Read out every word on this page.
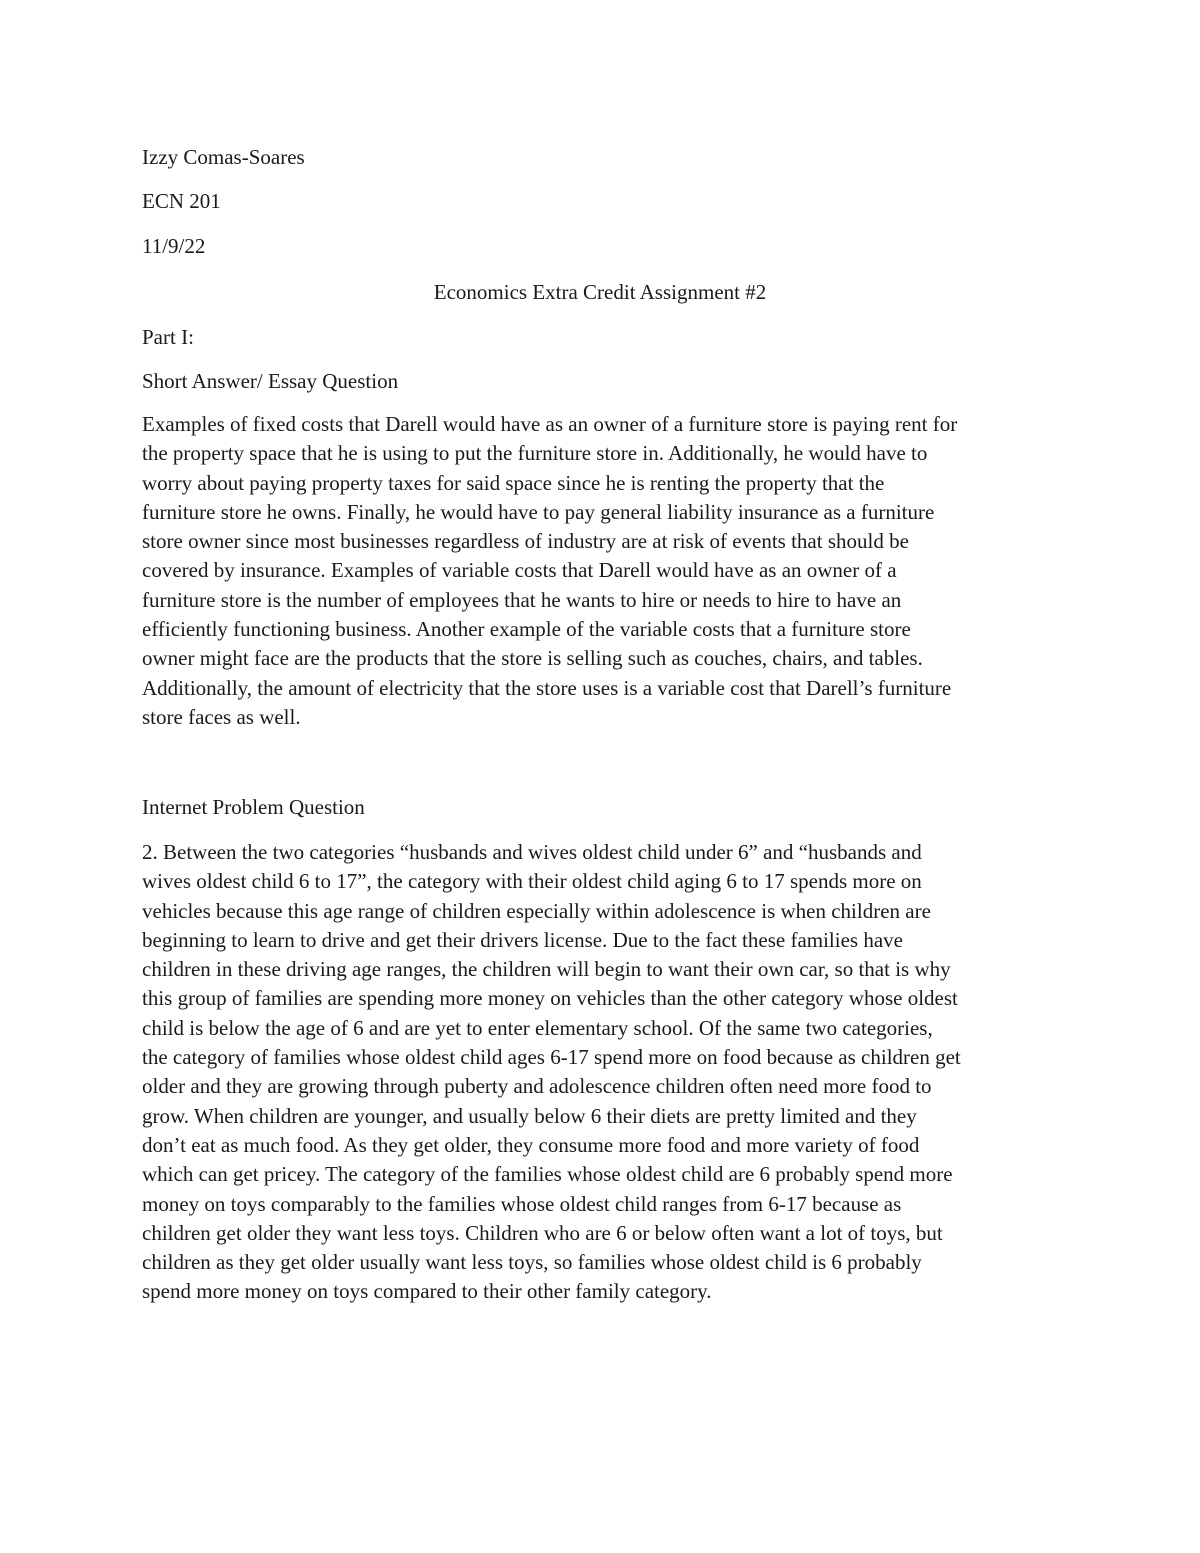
Izzy Comas-Soares
ECN 201
11/9/22
Economics Extra Credit Assignment #2
Part I:
Short Answer/ Essay Question
Examples of fixed costs that Darell would have as an owner of a furniture store is paying rent for
the property space that he is using to put the furniture store in. Additionally, he would have to
worry about paying property taxes for said space since he is renting the property that the
furniture store he owns. Finally, he would have to pay general liability insurance as a furniture
store owner since most businesses regardless of industry are at risk of events that should be
covered by insurance. Examples of variable costs that Darell would have as an owner of a
furniture store is the number of employees that he wants to hire or needs to hire to have an
efficiently functioning business. Another example of the variable costs that a furniture store
owner might face are the products that the store is selling such as couches, chairs, and tables.
Additionally, the amount of electricity that the store uses is a variable cost that Darell’s furniture
store faces as well.
Internet Problem Question
2. Between the two categories “husbands and wives oldest child under 6” and “husbands and
wives oldest child 6 to 17”, the category with their oldest child aging 6 to 17 spends more on
vehicles because this age range of children especially within adolescence is when children are
beginning to learn to drive and get their drivers license. Due to the fact these families have
children in these driving age ranges, the children will begin to want their own car, so that is why
this group of families are spending more money on vehicles than the other category whose oldest
child is below the age of 6 and are yet to enter elementary school. Of the same two categories,
the category of families whose oldest child ages 6-17 spend more on food because as children get
older and they are growing through puberty and adolescence children often need more food to
grow. When children are younger, and usually below 6 their diets are pretty limited and they
don’t eat as much food. As they get older, they consume more food and more variety of food
which can get pricey. The category of the families whose oldest child are 6 probably spend more
money on toys comparably to the families whose oldest child ranges from 6-17 because as
children get older they want less toys. Children who are 6 or below often want a lot of toys, but
children as they get older usually want less toys, so families whose oldest child is 6 probably
spend more money on toys compared to their other family category.
